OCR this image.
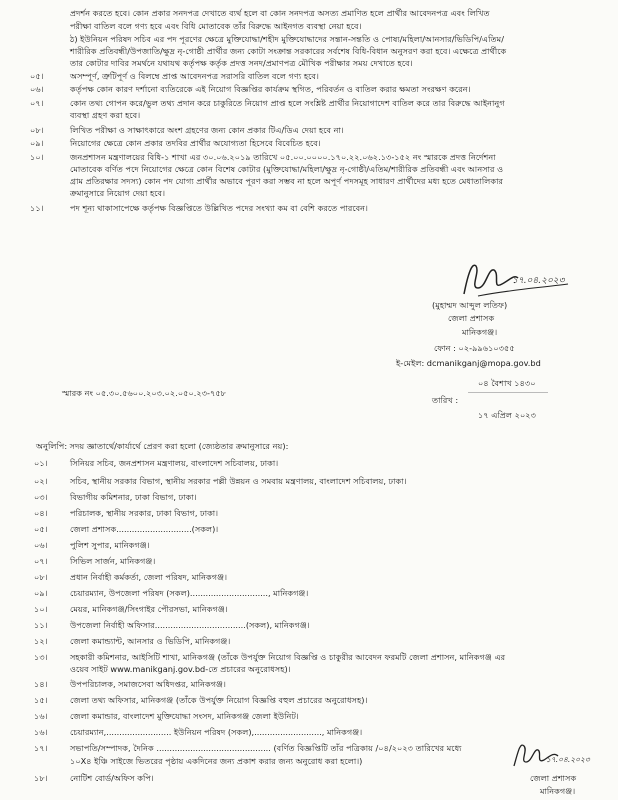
প্রদর্শন করতে হবে। কোন প্রকার সনদপত্র দেখাতে ব্যর্থ হলে বা কোন সনদপত্র অসত্য প্রমাণিত হলে প্রার্থীর আবেদনপত্র এবং লিখিত
পরীক্ষা বাতিল বলে গণ্য হবে এবং বিধি মোতাবেক তাঁর বিরুদ্ধে আইনগত ব্যবস্থা নেয়া হবে।
ঠ) ইউনিয়ন পরিষদ সচিব এর পদ পূরণের ক্ষেত্রে মুক্তিযোদ্ধা/শহীদ মুক্তিযোদ্ধাদের সন্তান-সন্ততি ও পোষ্য/মহিলা/আনসার/ভিডিপি/এতিম/
শারীরিক প্রতিবন্ধী/উপজাতি/ক্ষুদ্র নৃ-গোষ্ঠী প্রার্থীর জন্য কোটা সংক্রান্ত সরকারের সর্বশেষ বিধি-বিধান অনুসরণ করা হবে। এক্ষেত্রে প্রার্থীকে
তার কোটার দাবির সমর্থনে যথাযথ কর্তৃপক্ষ কর্তৃক প্রদত্ত সনদ/প্রমাণপত্র মৌখিক পরীক্ষার সময় দেখাতে হবে।
০৫।	অসম্পূর্ণ, ত্রুটিপূর্ণ ও বিলম্বে প্রাপ্ত আবেদনপত্র সরাসরি বাতিল বলে গণ্য হবে।
০৬।	কর্তৃপক্ষ কোন কারণ দর্শানো ব্যতিরেকে এই নিয়োগ বিজ্ঞপ্তির কার্যক্রম স্থগিত, পরিবর্তন ও বাতিল করার ক্ষমতা সংরক্ষণ করেন।
০৭।	কোন তথ্য গোপন করে/ভুল তথ্য প্রদান করে চাকুরিতে নিয়োগ প্রাপ্ত হলে সংশ্লিষ্ট প্রার্থীর নিয়োগাদেশ বাতিল করে তার বিরুদ্ধে আইনানুগ
ব্যবস্থা গ্রহণ করা হবে।
০৮।	লিখিত পরীক্ষা ও সাক্ষাৎকারে অংশ গ্রহণের জন্য কোন প্রকার টিএ/ডিএ দেয়া হবে না।
০৯।	নিয়োগের ক্ষেত্রে কোন প্রকার তদবির প্রার্থীর অযোগ্যতা হিসেবে বিবেচিত হবে।
১০।	জনপ্রশাসন মন্ত্রণালয়ের বিধি-১ শাখা এর ৩০.০৬.২০১৯ তারিখে ০৫.০০.০০০০.১৭০.২২.০৬২.১৩-১৫২ নং স্মারকে প্রদত্ত নির্দেশনা
মোতাবেক বর্ণিত পদে নিয়োগের ক্ষেত্রে কোন বিশেষ কোটার (মুক্তিযোদ্ধা/মহিলা/ক্ষুদ্র নৃ-গোষ্ঠী/এতিম/শারীরিক প্রতিবন্ধী এবং আনসার ও
গ্রাম প্রতিরক্ষার সদস্য) কোন পদ যোগ্য প্রার্থীর অভাবে পূরণ করা সম্ভব না হলে অপূর্ণ পদসমূহ সাধারণ প্রার্থীদের মধ্য হতে মেধাতালিকার
ক্রমানুসারে নিয়োগ দেয়া হবে।
১১।	পদ শূন্য থাকাসাপেক্ষে কর্তৃপক্ষ বিজ্ঞপ্তিতে উল্লিখিত পদের সংখ্যা কম বা বেশি করতে পারবেন।
১৭.০৪.২০২৩
(মুহাম্মদ আব্দুল লতিফ)
জেলা প্রশাসক
মানিকগঞ্জ।
ফোন : ০২-৯৯৬১০৩৫৫
ই-মেইল: dcmanikganj@mopa.gov.bd
০৪ বৈশাখ ১৪৩০
স্মারক নং ০৫.৩০.৫৬০০.২০৩.০২.০৫০.২৩-৭৫৮
তারিখ :
১৭ এপ্রিল ২০২৩
অনুলিপি: সদয় জ্ঞাতার্থে/কার্যার্থে প্রেরণ করা হলো (জ্যেষ্ঠতার ক্রমানুসারে নয়):
০১।	সিনিয়র সচিব, জনপ্রশাসন মন্ত্রণালয়, বাংলাদেশ সচিবালয়, ঢাকা।
০২।	সচিব, স্থানীয় সরকার বিভাগ, স্থানীয় সরকার পল্লী উন্নয়ন ও সমবায় মন্ত্রণালয়, বাংলাদেশ সচিবালয়, ঢাকা।
০৩।	বিভাগীয় কমিশনার, ঢাকা বিভাগ, ঢাকা।
০৪।	পরিচালক, স্থানীয় সরকার, ঢাকা বিভাগ, ঢাকা।
০৫।	জেলা প্রশাসক.............................(সকল)।
০৬।	পুলিশ সুপার, মানিকগঞ্জ।
০৭।	সিভিল সার্জন, মানিকগঞ্জ।
০৮।	প্রধান নির্বাহী কর্মকর্তা, জেলা পরিষদ, মানিকগঞ্জ।
০৯।	চেয়ারম্যান, উপজেলা পরিষদ (সকল).............................., মানিকগঞ্জ।
১০।	মেয়র, মানিকগঞ্জ/সিংগাইর পৌরসভা, মানিকগঞ্জ।
১১।	উপজেলা নির্বাহী অফিসার...................................(সকল), মানিকগঞ্জ।
১২।	জেলা কমান্ড্যান্ট, আনসার ও ভিডিপি, মানিকগঞ্জ।
১৩।	সহকারী কমিশনার, আইসিটি শাখা, মানিকগঞ্জ (তাঁকে উপর্যুক্ত নিয়োগ বিজ্ঞপ্তি ও চাকুরীর আবেদন ফরমটি জেলা প্রশাসন, মানিকগঞ্জ এর
ওয়েব সাইট www.manikganj.gov.bd-তে প্রচারের অনুরোধসহ)।
১৪।	উপপরিচালক, সমাজসেবা অধিদপ্তর, মানিকগঞ্জ।
১৫।	জেলা তথ্য অফিসার, মানিকগঞ্জ (তাঁকে উপর্যুক্ত নিয়োগ বিজ্ঞপ্তি বহুল প্রচারের অনুরোধসহ)।
১৬।	জেলা কমান্ডার, বাংলাদেশ মুক্তিযোদ্ধা সংসদ, মানিকগঞ্জ জেলা ইউনিট।
১৬।	চেয়ারম্যান,......................... ইউনিয়ন পরিষদ (সকল),.........................., মানিকগঞ্জ।
১৭।	সভাপতি/সম্পাদক, দৈনিক ............................................ (বর্ণিত বিজ্ঞপ্তিটি তাঁর পত্রিকায় /০৪/২০২৩ তারিখের মধ্যে
১০X৪ ইঞ্চি সাইজে ভিতরের পৃষ্ঠায় একদিনের জন্য প্রকাশ করার জন্য অনুরোধ করা হলো।)
১৮।	নোটিশ বোর্ড/অফিস কপি।
১৭.০৪.২০২৩
জেলা প্রশাসক
মানিকগঞ্জ।
